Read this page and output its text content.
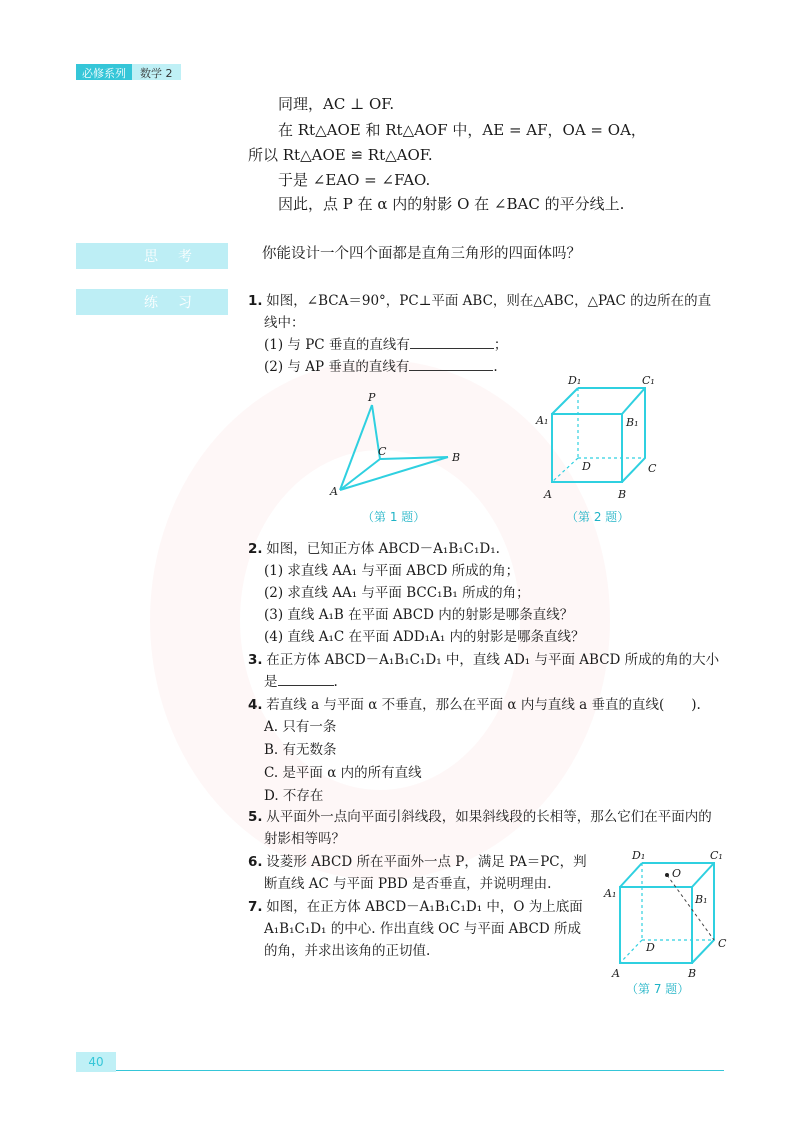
必修系列	数学 2
同理，AC ⊥ OF.
在 Rt△AOE 和 Rt△AOF 中，AE = AF，OA = OA，
所以 Rt△AOE ≌ Rt△AOF.
于是 ∠EAO = ∠FAO.
因此，点 P 在 α 内的射影 O 在 ∠BAC 的平分线上.
思考	你能设计一个四个面都是直角三角形的四面体吗？
练习	1. 如图，∠BCA＝90°，PC⊥平面 ABC，则在△ABC，△PAC 的边所在的直
线中：
(1) 与 PC 垂直的直线有	；
(2) 与 AP 垂直的直线有	.
P
C	B
A
（第 1 题）
D₁	C₁
A₁	B₁
D	C
A	B
（第 2 题）
2. 如图，已知正方体 ABCD－A₁B₁C₁D₁.
(1) 求直线 AA₁ 与平面 ABCD 所成的角；
(2) 求直线 AA₁ 与平面 BCC₁B₁ 所成的角；
(3) 直线 A₁B 在平面 ABCD 内的射影是哪条直线？
(4) 直线 A₁C 在平面 ADD₁A₁ 内的射影是哪条直线？
3. 在正方体 ABCD－A₁B₁C₁D₁ 中，直线 AD₁ 与平面 ABCD 所成的角的大小
是	.
4. 若直线 a 与平面 α 不垂直，那么在平面 α 内与直线 a 垂直的直线(　　).
A. 只有一条
B. 有无数条
C. 是平面 α 内的所有直线
D. 不存在
5. 从平面外一点向平面引斜线段，如果斜线段的长相等，那么它们在平面内的
射影相等吗？
6. 设菱形 ABCD 所在平面外一点 P，满足 PA＝PC，判
断直线 AC 与平面 PBD 是否垂直，并说明理由.
7. 如图，在正方体 ABCD－A₁B₁C₁D₁ 中，O 为上底面
A₁B₁C₁D₁ 的中心. 作出直线 OC 与平面 ABCD 所成
的角，并求出该角的正切值.
D₁	C₁
O
A₁	B₁
D	C
A	B
（第 7 题）
40
